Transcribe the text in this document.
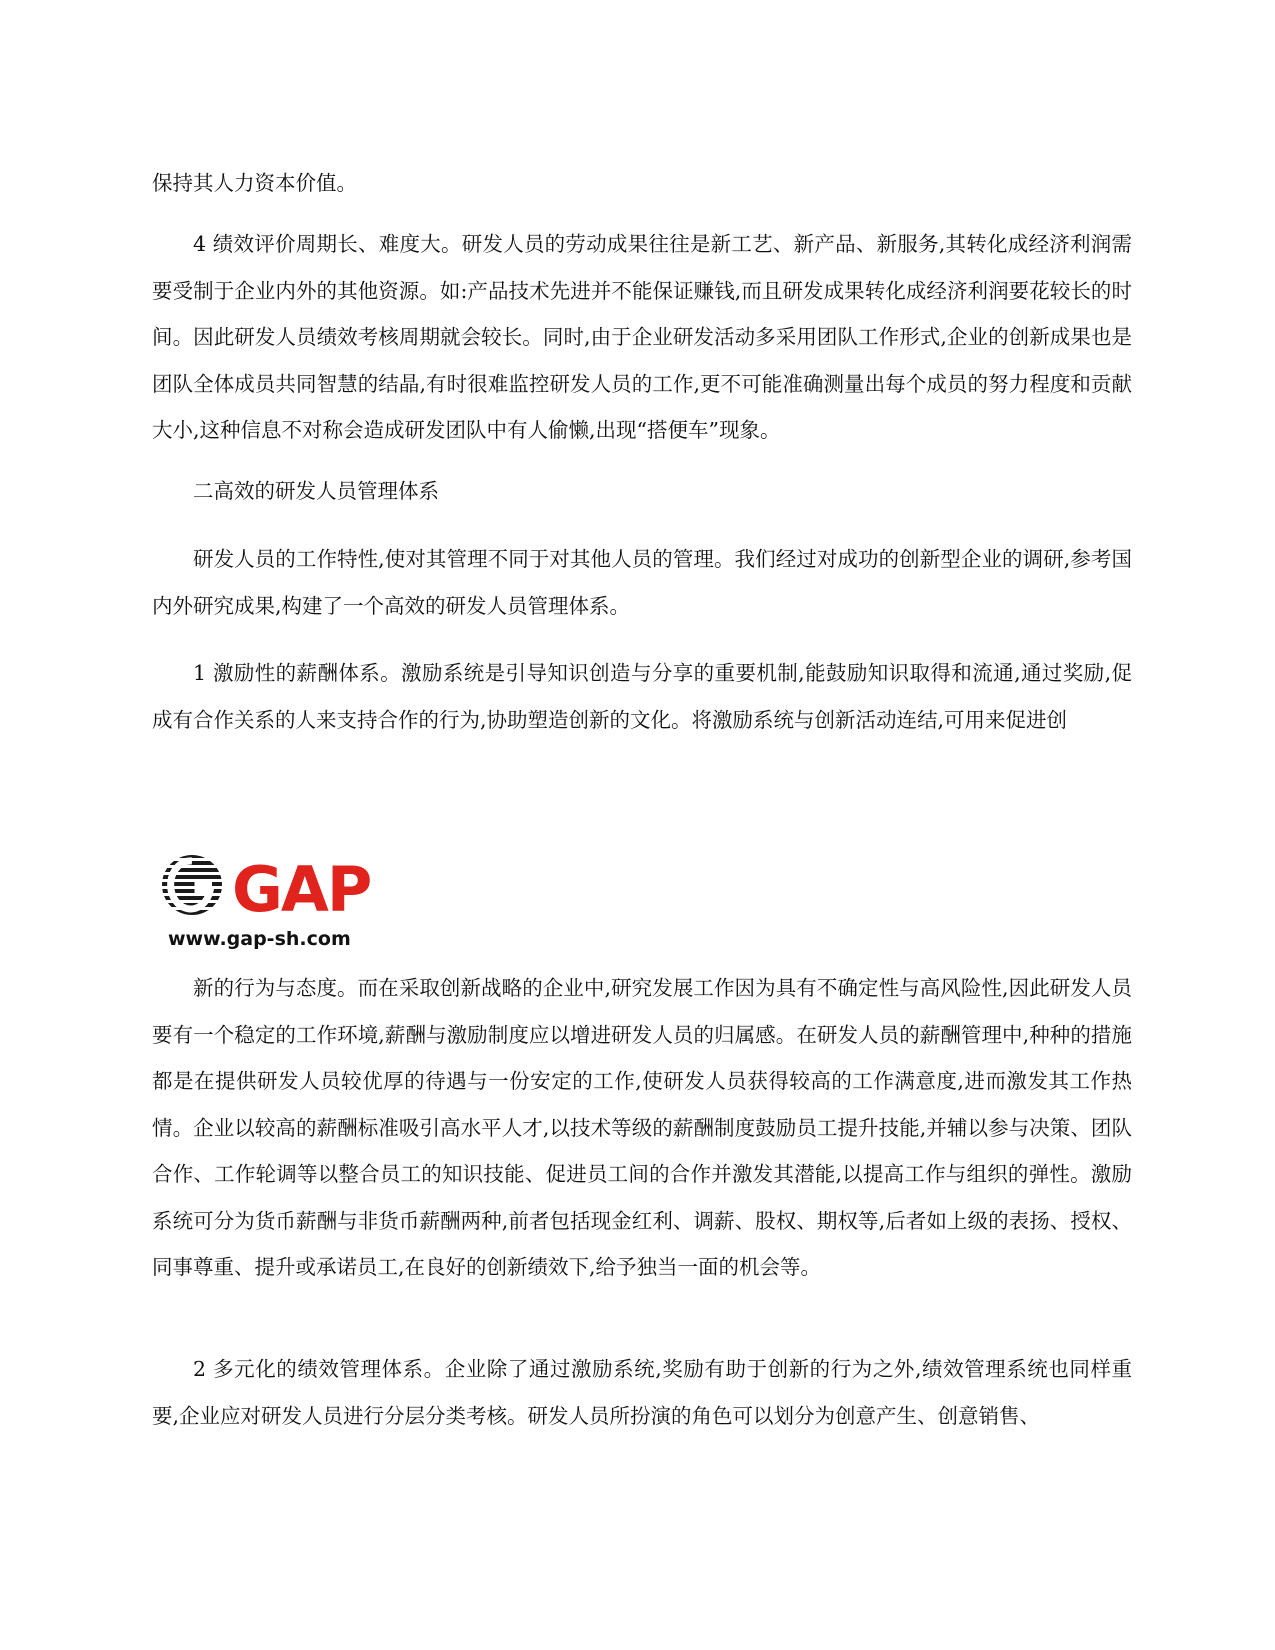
保持其人力资本价值。

4 绩效评价周期长、难度大。研发人员的劳动成果往往是新工艺、新产品、新服务,其转化成经济利润需要受制于企业内外的其他资源。如:产品技术先进并不能保证赚钱,而且研发成果转化成经济利润要花较长的时间。因此研发人员绩效考核周期就会较长。同时,由于企业研发活动多采用团队工作形式,企业的创新成果也是团队全体成员共同智慧的结晶,有时很难监控研发人员的工作,更不可能准确测量出每个成员的努力程度和贡献大小,这种信息不对称会造成研发团队中有人偷懒,出现“搭便车”现象。

二高效的研发人员管理体系

研发人员的工作特性,使对其管理不同于对其他人员的管理。我们经过对成功的创新型企业的调研,参考国内外研究成果,构建了一个高效的研发人员管理体系。

1 激励性的薪酬体系。激励系统是引导知识创造与分享的重要机制,能鼓励知识取得和流通,通过奖励,促成有合作关系的人来支持合作的行为,协助塑造创新的文化。将激励系统与创新活动连结,可用来促进创

GAP
www.gap-sh.com

新的行为与态度。而在采取创新战略的企业中,研究发展工作因为具有不确定性与高风险性,因此研发人员要有一个稳定的工作环境,薪酬与激励制度应以增进研发人员的归属感。在研发人员的薪酬管理中,种种的措施都是在提供研发人员较优厚的待遇与一份安定的工作,使研发人员获得较高的工作满意度,进而激发其工作热情。企业以较高的薪酬标准吸引高水平人才,以技术等级的薪酬制度鼓励员工提升技能,并辅以参与决策、团队合作、工作轮调等以整合员工的知识技能、促进员工间的合作并激发其潜能,以提高工作与组织的弹性。激励系统可分为货币薪酬与非货币薪酬两种,前者包括现金红利、调薪、股权、期权等,后者如上级的表扬、授权、同事尊重、提升或承诺员工,在良好的创新绩效下,给予独当一面的机会等。

2 多元化的绩效管理体系。企业除了通过激励系统,奖励有助于创新的行为之外,绩效管理系统也同样重要,企业应对研发人员进行分层分类考核。研发人员所扮演的角色可以划分为创意产生、创意销售、
